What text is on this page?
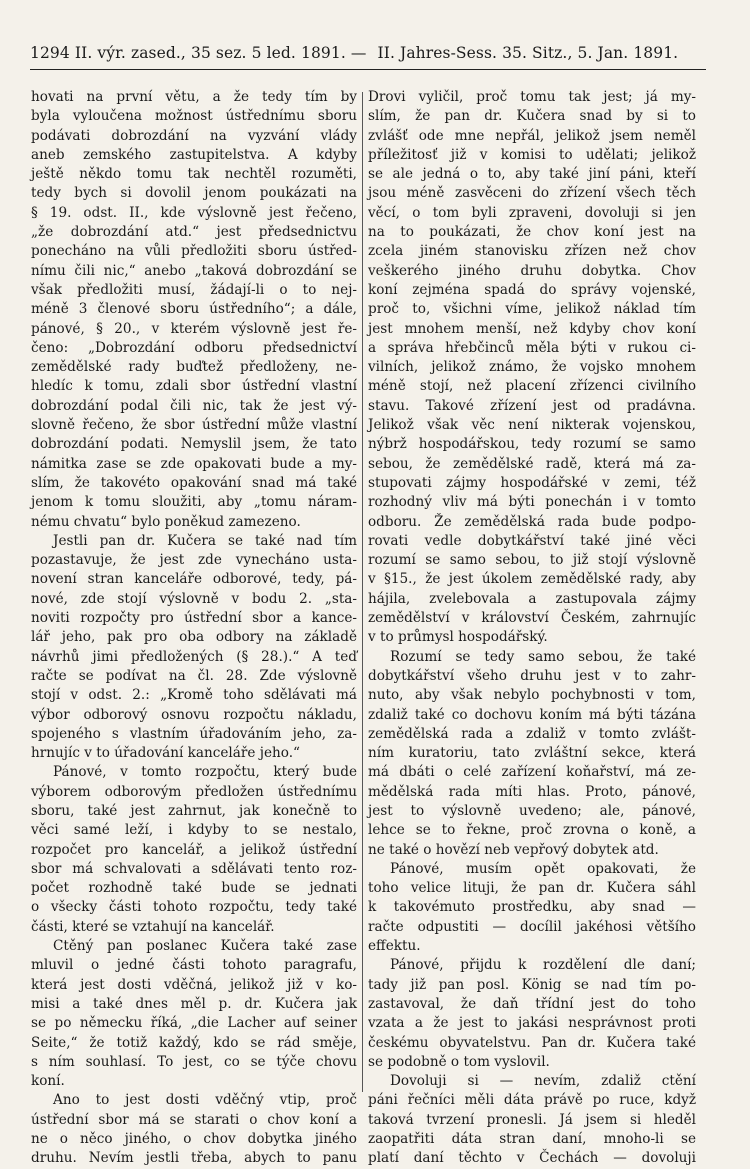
1294 II. výr. zased., 35 sez. 5 led. 1891. — II. Jahres-Sess. 35. Sitz., 5. Jan. 1891.
hovati na první větu, a že tedy tím by
byla vyloučena možnost ústřednímu sboru
podávati dobrozdání na vyzvání vlády
aneb zemského zastupitelstva. A kdyby
ještě někdo tomu tak nechtěl rozuměti,
tedy bych si dovolil jenom poukázati na
§ 19. odst. II., kde výslovně jest řečeno,
„že dobrozdání atd.“ jest předsednictvu
ponecháno na vůli předložiti sboru ústřed-
nímu čili nic,“ anebo „taková dobrozdání se
však předložiti musí, žádají-li o to nej-
méně 3 členové sboru ústředního“; a dále,
pánové, § 20., v kterém výslovně jest ře-
čeno: „Dobrozdání odboru předsednictví
zemědělské rady buďtež předloženy, ne-
hledíc k tomu, zdali sbor ústřední vlastní
dobrozdání podal čili nic, tak že jest vý-
slovně řečeno, že sbor ústřední může vlastní
dobrozdání podati. Nemyslil jsem, že tato
námitka zase se zde opakovati bude a my-
slím, že takovéto opakování snad má také
jenom k tomu sloužiti, aby „tomu náram-
nému chvatu“ bylo poněkud zamezeno.
Jestli pan dr. Kučera se také nad tím
pozastavuje, že jest zde vynecháno usta-
novení stran kanceláře odborové, tedy, pá-
nové, zde stojí výslovně v bodu 2. „sta-
noviti rozpočty pro ústřední sbor a kance-
lář jeho, pak pro oba odbory na základě
návrhů jimi předložených (§ 28.).“ A teď
račte se podívat na čl. 28. Zde výslovně
stojí v odst. 2.: „Kromě toho sdělávati má
výbor odborový osnovu rozpočtu nákladu,
spojeného s vlastním úřadováním jeho, za-
hrnujíc v to úřadování kanceláře jeho.“
Pánové, v tomto rozpočtu, který bude
výborem odborovým předložen ústřednímu
sboru, také jest zahrnut, jak konečně to
věci samé leží, i kdyby to se nestalo,
rozpočet pro kancelář, a jelikož ústřední
sbor má schvalovati a sdělávati tento roz-
počet rozhodně také bude se jednati
o všecky části tohoto rozpočtu, tedy také
části, které se vztahují na kancelář.
Ctěný pan poslanec Kučera také zase
mluvil o jedné části tohoto paragrafu,
která jest dosti vděčná, jelikož již v ko-
misi a také dnes měl p. dr. Kučera jak
se po německu říká, „die Lacher auf seiner
Seite,“ že totiž každý, kdo se rád směje,
s ním souhlasí. To jest, co se týče chovu
koní.
Ano to jest dosti vděčný vtip, proč
ústřední sbor má se starati o chov koní a
ne o něco jiného, o chov dobytka jiného
druhu. Nevím jestli třeba, abych to panu
Drovi vyličil, proč tomu tak jest; já my-
slím, že pan dr. Kučera snad by si to
zvlášť ode mne nepřál, jelikož jsem neměl
příležitosť již v komisi to udělati; jelikož
se ale jedná o to, aby také jiní páni, kteří
jsou méně zasvěceni do zřízení všech těch
věcí, o tom byli zpraveni, dovoluji si jen
na to poukázati, že chov koní jest na
zcela jiném stanovisku zřízen než chov
veškerého jiného druhu dobytka. Chov
koní zejména spadá do správy vojenské,
proč to, všichni víme, jelikož náklad tím
jest mnohem menší, než kdyby chov koní
a správa hřebčinců měla býti v rukou ci-
vilních, jelikož známo, že vojsko mnohem
méně stojí, než placení zřízenci civilního
stavu. Takové zřízení jest od pradávna.
Jelikož však věc není nikterak vojenskou,
nýbrž hospodářskou, tedy rozumí se samo
sebou, že zemědělské radě, která má za-
stupovati zájmy hospodářské v zemi, též
rozhodný vliv má býti ponechán i v tomto
odboru. Že zemědělská rada bude podpo-
rovati vedle dobytkářství také jiné věci
rozumí se samo sebou, to již stojí výslovně
v §15., že jest úkolem zemědělské rady, aby
hájila, zvelebovala a zastupovala zájmy
zemědělství v království Českém, zahrnujíc
v to průmysl hospodářský.
Rozumí se tedy samo sebou, že také
dobytkářství všeho druhu jest v to zahr-
nuto, aby však nebylo pochybnosti v tom,
zdaliž také co dochovu koním má býti tázána
zemědělská rada a zdaliž v tomto zvlášt-
ním kuratoriu, tato zvláštní sekce, která
má dbáti o celé zařízení koňařství, má ze-
mědělská rada míti hlas. Proto, pánové,
jest to výslovně uvedeno; ale, pánové,
lehce se to řekne, proč zrovna o koně, a
ne také o hovězí neb vepřový dobytek atd.
Pánové, musím opět opakovati, že
toho velice lituji, že pan dr. Kučera sáhl
k takovémuto prostředku, aby snad —
račte odpustiti — docílil jakéhosi většího
effektu.
Pánové, přijdu k rozdělení dle daní;
tady již pan posl. König se nad tím po-
zastavoval, že daň třídní jest do toho
vzata a že jest to jakási nesprávnost proti
českému obyvatelstvu. Pan dr. Kučera také
se podobně o tom vyslovil.
Dovoluji si — nevím, zdaliž ctění
páni řečníci měli dáta právě po ruce, když
taková tvrzení pronesli. Já jsem si hleděl
zaopatřiti dáta stran daní, mnoho-li se
platí daní těchto v Čechách — dovoluji
